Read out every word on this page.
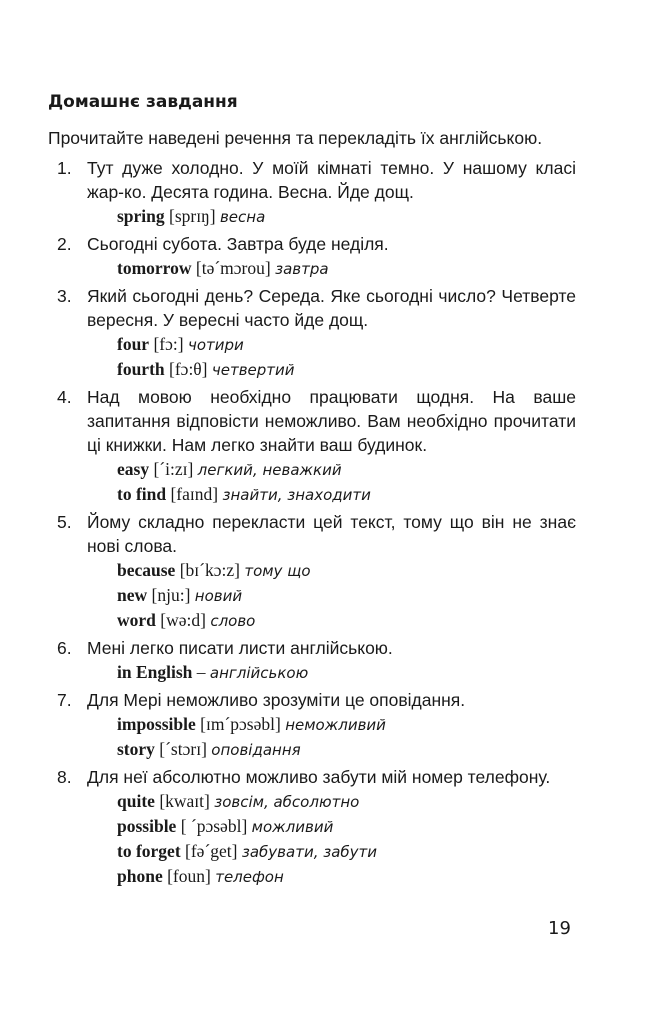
Домашнє завдання

Прочитайте наведені речення та перекладіть їх англійською.

1. Тут дуже холодно. У моїй кімнаті темно. У нашому класі жар-ко. Десята година. Весна. Йде дощ.

spring [sprɪŋ] весна
2. Сьогодні субота. Завтра буде неділя.

tomorrow [təˊmɔrou] завтра
3. Який сьогодні день? Середа. Яке сьогодні число? Четверте вересня. У вересні часто йде дощ.

four [fɔ:] чотири
fourth [fɔ:θ] четвертий
4. Над мовою необхідно працювати щодня. На ваше запитання відповісти неможливо. Вам необхідно прочитати ці книжки. Нам легко знайти ваш будинок.

easy [ˊi:zɪ] легкий, неважкий
to find [faɪnd] знайти, знаходити
5. Йому складно перекласти цей текст, тому що він не знає нові слова.

because [bɪˊkɔ:z] тому що
new [nju:] новий
word [wə:d] слово
6. Мені легко писати листи англійською.

in English – англійською
7. Для Мері неможливо зрозуміти це оповідання.

impossible [ɪmˊpɔsəbl] неможливий
story [ˊstɔrɪ] оповідання
8. Для неї абсолютно можливо забути мій номер телефону.

quite [kwaɪt] зовсім, абсолютно
possible [ ˊpɔsəbl] можливий
to forget [fəˊget] забувати, забути
phone [foun] телефон
19
